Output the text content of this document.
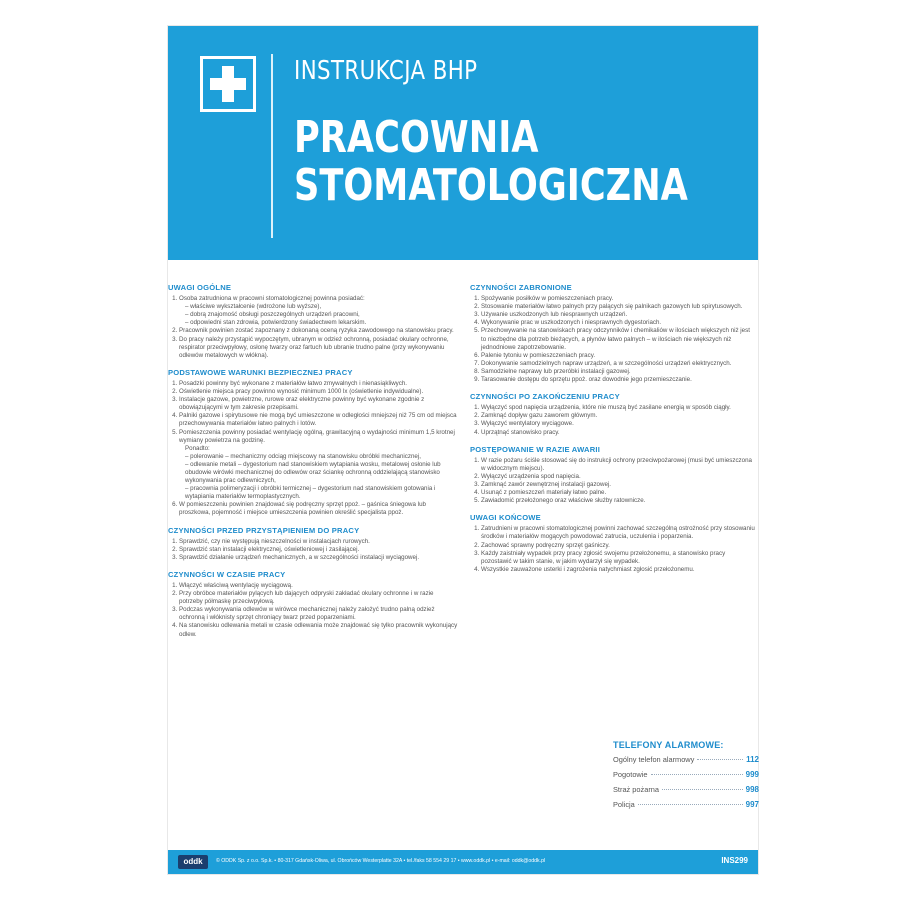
INSTRUKCJA BHP
PRACOWNIA
STOMATOLOGICZNA
UWAGI OGÓLNE
1. Osoba zatrudniona w pracowni stomatologicznej powinna posiadać:
– właściwe wykształcenie (wdrożone lub wyższe),
– dobrą znajomość obsługi poszczególnych urządzeń pracowni,
– odpowiedni stan zdrowia, potwierdzony świadectwem lekarskim.
2. Pracownik powinien zostać zapoznany z dokonaną oceną ryzyka zawodowego na stanowisku pracy.
3. Do pracy należy przystąpić wypoczętym, ubranym w odzież ochronną, posiadać okulary ochronne, respirator przeciwpyłowy, osłonę twarzy oraz fartuch lub ubranie trudno palne (przy wykonywaniu odlewów metalowych w włókna).
PODSTAWOWE WARUNKI BEZPIECZNEJ PRACY
1. Posadzki powinny być wykonane z materiałów łatwo zmywalnych i nienasiąkliwych.
2. Oświetlenie miejsca pracy powinno wynosić minimum 1000 lx (oświetlenie indywidualne).
3. Instalacje gazowe, powietrzne, rurowe oraz elektryczne powinny być wykonane zgodnie z obowiązującymi w tym zakresie przepisami.
4. Palniki gazowe i spirytusowe nie mogą być umieszczone w odległości mniejszej niż 75 cm od miejsca przechowywania materiałów łatwo palnych i lotów.
5. Pomieszczenia powinny posiadać wentylację ogólną, grawitacyjną o wydajności minimum 1,5 krotnej wymiany powietrza na godzinę.
Ponadto:
– polerowanie – mechaniczny odciąg miejscowy na stanowisku obróbki mechanicznej,
– odlewanie metali – dygestorium nad stanowiskiem wytapiania wosku, metalowej osłonie lub obudowie wirówki mechanicznej do odlewów oraz ściankę ochronną oddzielającą stanowisko wykonywania prac odlewniczych,
– pracownia polimeryzacji i obróbki termicznej – dygestorium nad stanowiskiem gotowania i wytapiania materiałów termoplastycznych.
6. W pomieszczeniu powinien znajdować się podręczny sprzęt ppoż. – gaśnica śniegowa lub proszkowa, pojemność i miejsce umieszczenia powinien określić specjalista ppoż.
CZYNNOŚCI PRZED PRZYSTĄPIENIEM DO PRACY
1. Sprawdzić, czy nie występują nieszczelności w instalacjach rurowych.
2. Sprawdzić stan instalacji elektrycznej, oświetleniowej i zasilającej.
3. Sprawdzić działanie urządzeń mechanicznych, a w szczególności instalacji wyciągowej.
CZYNNOŚCI W CZASIE PRACY
1. Włączyć właściwą wentylację wyciągową.
2. Przy obróbce materiałów pylących lub dających odpryski zakładać okulary ochronne i w razie potrzeby półmaskę przeciwpyłową.
3. Podczas wykonywania odlewów w wirówce mechanicznej należy założyć trudno palną odzież ochronną i włóknisty sprzęt chroniący twarz przed poparzeniami.
4. Na stanowisku odlewania metali w czasie odlewania może znajdować się tylko pracownik wykonujący odlew.
CZYNNOŚCI ZABRONIONE
1. Spożywanie posiłków w pomieszczeniach pracy.
2. Stosowanie materiałów łatwo palnych przy palących się palnikach gazowych lub spirytusowych.
3. Używanie uszkodzonych lub niesprawnych urządzeń.
4. Wykonywanie prac w uszkodzonych i niesprawnych dygestoriach.
5. Przechowywanie na stanowiskach pracy odczynników i chemikaliów w ilościach większych niż jest to niezbędne dla potrzeb bieżących, a płynów łatwo palnych – w ilościach nie większych niż jednodniowe zapotrzebowanie.
6. Palenie tytoniu w pomieszczeniach pracy.
7. Dokonywanie samodzielnych napraw urządzeń, a w szczególności urządzeń elektrycznych.
8. Samodzielne naprawy lub przeróbki instalacji gazowej.
9. Tarasowanie dostępu do sprzętu ppoż. oraz dowodnie jego przemieszczanie.
CZYNNOŚCI PO ZAKOŃCZENIU PRACY
1. Wyłączyć spod napięcia urządzenia, które nie muszą być zasilane energią w sposób ciągły.
2. Zamknąć dopływ gazu zaworem głównym.
3. Wyłączyć wentylatory wyciągowe.
4. Uprzątnąć stanowisko pracy.
POSTĘPOWANIE W RAZIE AWARII
1. W razie pożaru ściśle stosować się do instrukcji ochrony przeciwpożarowej (musi być umieszczona w widocznym miejscu).
2. Wyłączyć urządzenia spod napięcia.
3. Zamknąć zawór zewnętrznej instalacji gazowej.
4. Usunąć z pomieszczeń materiały łatwo palne.
5. Zawiadomić przełożonego oraz właściwe służby ratownicze.
UWAGI KOŃCOWE
1. Zatrudnieni w pracowni stomatologicznej powinni zachować szczególną ostrożność przy stosowaniu środków i materiałów mogących powodować zatrucia, uczulenia i poparzenia.
2. Zachować sprawny podręczny sprzęt gaśniczy.
3. Każdy zaistniały wypadek przy pracy zgłosić swojemu przełożonemu, a stanowisko pracy pozostawić w takim stanie, w jakim wydarzył się wypadek.
4. Wszystkie zauważone usterki i zagrożenia natychmiast zgłosić przełożonemu.
TELEFONY ALARMOWE:
Ogólny telefon alarmowy	112
Pogotowie	999
Straż pożarna	998
Policja	997
oddk	© ODDK Sp. z o.o. Sp.k. • 80-317 Gdańsk-Oliwa, ul. Obrońców Westerplatte 32A • tel./faks 58 554 29 17 • www.oddk.pl • e-mail: oddk@oddk.pl	INS299
